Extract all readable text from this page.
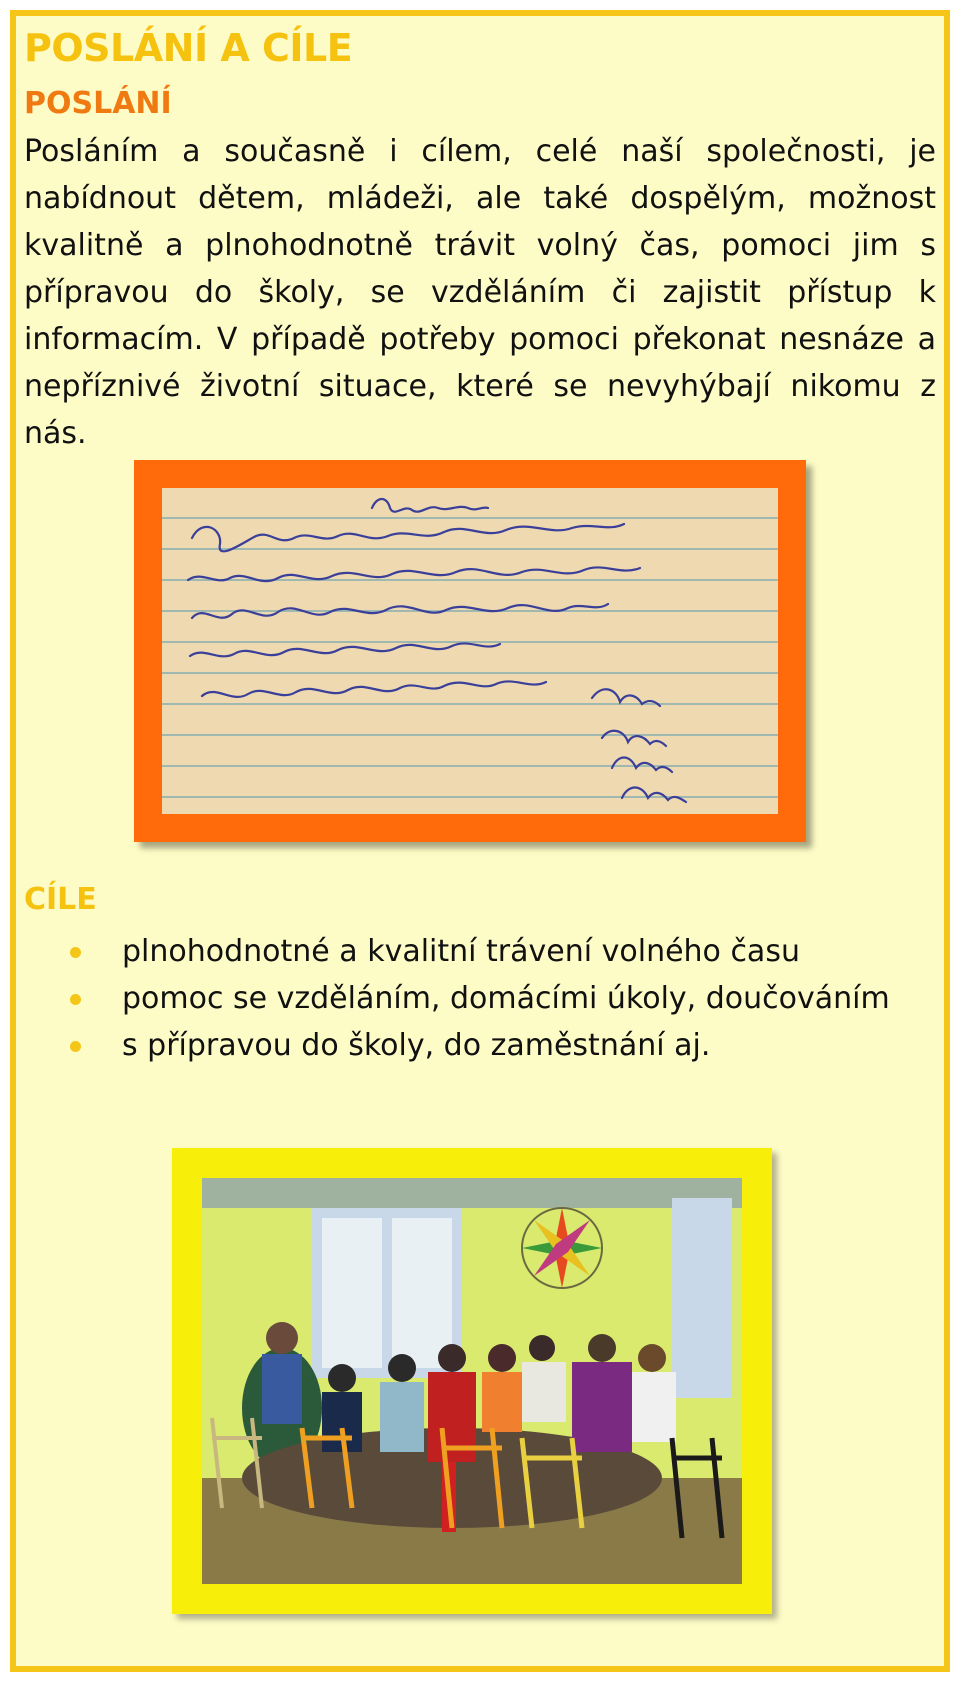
POSLÁNÍ A CÍLE
POSLÁNÍ

Posláním a současně i cílem, celé naší společnosti, je nabídnout dětem, mládeži, ale také dospělým, možnost kvalitně a plnohodnotně trávit volný čas, pomoci jim s přípravou do školy, se vzděláním či zajistit přístup k informacím. V případě potřeby pomoci překonat nesnáze a nepříznivé životní situace, které se nevyhýbají nikomu z nás.

CÍLE
plnohodnotné a kvalitní trávení volného času
pomoc se vzděláním, domácími úkoly, doučováním
s přípravou do školy, do zaměstnání aj.
